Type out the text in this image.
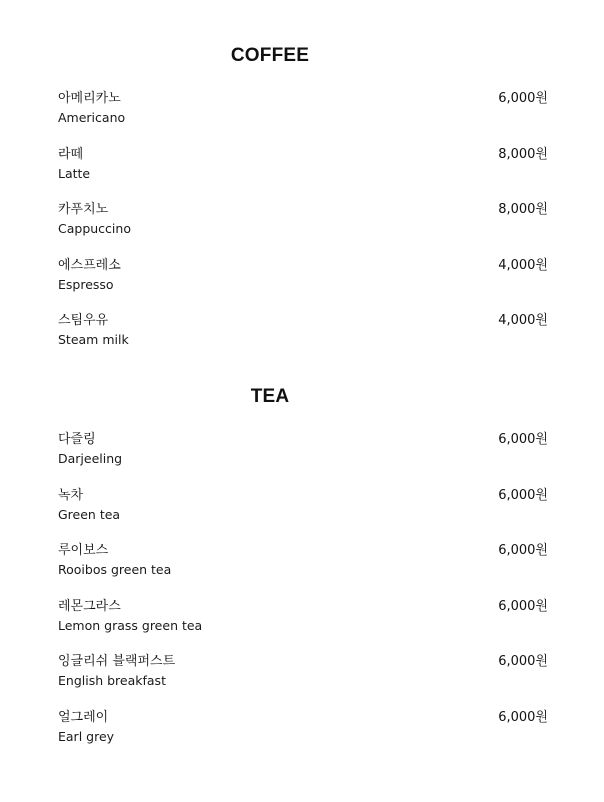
COFFEE
아메리카노
Americano
6,000원
라떼
Latte
8,000원
카푸치노
Cappuccino
8,000원
에스프레소
Espresso
4,000원
스팀우유
Steam milk
4,000원
TEA
다즐링
Darjeeling
6,000원
녹차
Green tea
6,000원
루이보스
Rooibos green tea
6,000원
레몬그라스
Lemon grass green tea
6,000원
잉글리쉬 블랙퍼스트
English breakfast
6,000원
얼그레이
Earl grey
6,000원
